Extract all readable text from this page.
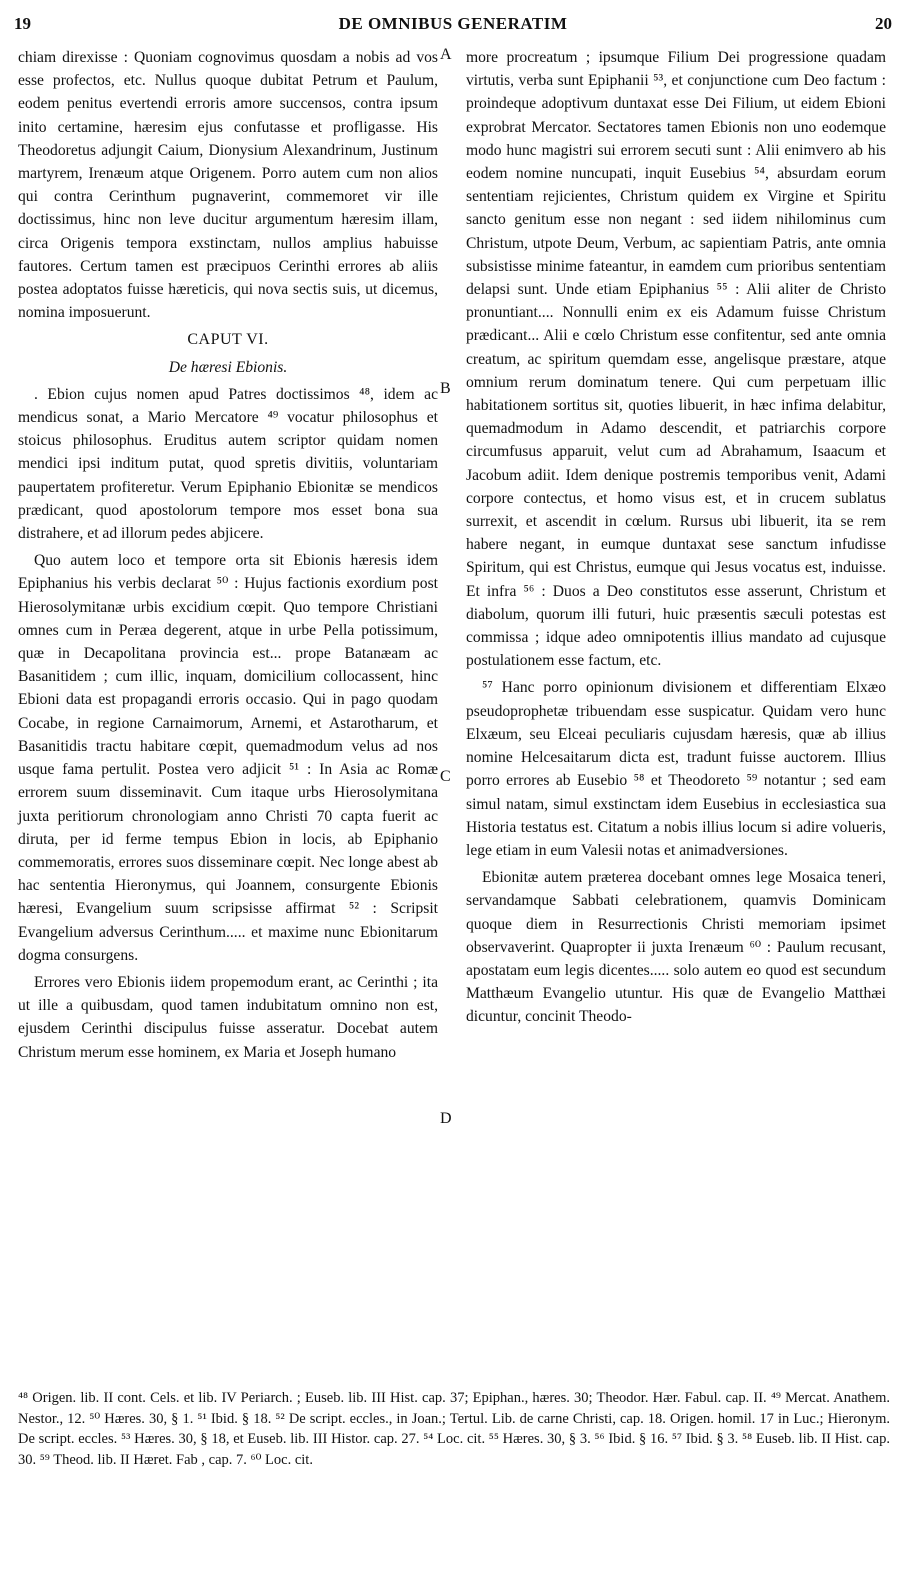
19	DE OMNIBUS GENERATIM	20
A
B
C
D

chiam direxisse : Quoniam cognovimus quosdam a nobis ad vos esse profectos, etc. Nullus quoque dubitat Petrum et Paulum, eodem penitus evertendi erroris amore succensos, contra ipsum inito certamine, hæresim ejus confutasse et profligasse. His Theodoretus adjungit Caium, Dionysium Alexandrinum, Justinum martyrem, Irenæum atque Origenem. Porro autem cum non alios qui contra Cerinthum pugnaverint, commemoret vir ille doctissimus, hinc non leve ducitur argumentum hæresim illam, circa Origenis tempora exstinctam, nullos amplius habuisse fautores. Certum tamen est præcipuos Cerinthi errores ab aliis postea adoptatos fuisse hæreticis, qui nova sectis suis, ut dicemus, nomina imposuerunt.

CAPUT VI.

De hæresi Ebionis.

. Ebion cujus nomen apud Patres doctissimos ⁴⁸, idem ac mendicus sonat, a Mario Mercatore ⁴⁹ vocatur philosophus et stoicus philosophus. Eruditus autem scriptor quidam nomen mendici ipsi inditum putat, quod spretis divitiis, voluntariam paupertatem profiteretur. Verum Epiphanio Ebionitæ se mendicos prædicant, quod apostolorum tempore mos esset bona sua distrahere, et ad illorum pedes abjicere.

Quo autem loco et tempore orta sit Ebionis hæresis idem Epiphanius his verbis declarat ⁵⁰ : Hujus factionis exordium post Hierosolymitanæ urbis excidium cœpit. Quo tempore Christiani omnes cum in Peræa degerent, atque in urbe Pella potissimum, quæ in Decapolitana provincia est... prope Batanæam ac Basanitidem ; cum illic, inquam, domicilium collocassent, hinc Ebioni data est propagandi erroris occasio. Qui in pago quodam Cocabe, in regione Carnaimorum, Arnemi, et Astarotharum, et Basanitidis tractu habitare cœpit, quemadmodum velus ad nos usque fama pertulit. Postea vero adjicit ⁵¹ : In Asia ac Romæ errorem suum disseminavit. Cum itaque urbs Hierosolymitana juxta peritiorum chronologiam anno Christi 70 capta fuerit ac diruta, per id ferme tempus Ebion in locis, ab Epiphanio commemoratis, errores suos disseminare cœpit. Nec longe abest ab hac sententia Hieronymus, qui Joannem, consurgente Ebionis hæresi, Evangelium suum scripsisse affirmat ⁵² : Scripsit Evangelium adversus Cerinthum..... et maxime nunc Ebionitarum dogma consurgens.

Errores vero Ebionis iidem propemodum erant, ac Cerinthi ; ita ut ille a quibusdam, quod tamen indubitatum omnino non est, ejusdem Cerinthi discipulus fuisse asseratur. Docebat autem Christum merum esse hominem, ex Maria et Joseph humano

more procreatum ; ipsumque Filium Dei progressione quadam virtutis, verba sunt Epiphanii ⁵³, et conjunctione cum Deo factum : proindeque adoptivum duntaxat esse Dei Filium, ut eidem Ebioni exprobrat Mercator. Sectatores tamen Ebionis non uno eodemque modo hunc magistri sui errorem secuti sunt : Alii enimvero ab his eodem nomine nuncupati, inquit Eusebius ⁵⁴, absurdam eorum sententiam rejicientes, Christum quidem ex Virgine et Spiritu sancto genitum esse non negant : sed iidem nihilominus cum Christum, utpote Deum, Verbum, ac sapientiam Patris, ante omnia subsistisse minime fateantur, in eamdem cum prioribus sententiam delapsi sunt. Unde etiam Epiphanius ⁵⁵ : Alii aliter de Christo pronuntiant.... Nonnulli enim ex eis Adamum fuisse Christum prædicant... Alii e cœlo Christum esse confitentur, sed ante omnia creatum, ac spiritum quemdam esse, angelisque præstare, atque omnium rerum dominatum tenere. Qui cum perpetuam illic habitationem sortitus sit, quoties libuerit, in hæc infima delabitur, quemadmodum in Adamo descendit, et patriarchis corpore circumfusus apparuit, velut cum ad Abrahamum, Isaacum et Jacobum adiit. Idem denique postremis temporibus venit, Adami corpore contectus, et homo visus est, et in crucem sublatus surrexit, et ascendit in cœlum. Rursus ubi libuerit, ita se rem habere negant, in eumque duntaxat sese sanctum infudisse Spiritum, qui est Christus, eumque qui Jesus vocatus est, induisse. Et infra ⁵⁶ : Duos a Deo constitutos esse asserunt, Christum et diabolum, quorum illi futuri, huic præsentis sæculi potestas est commissa ; idque adeo omnipotentis illius mandato ad cujusque postulationem esse factum, etc.

⁵⁷ Hanc porro opinionum divisionem et differentiam Elxæo pseudoprophetæ tribuendam esse suspicatur. Quidam vero hunc Elxæum, seu Elceai peculiaris cujusdam hæresis, quæ ab illius nomine Helcesaitarum dicta est, tradunt fuisse auctorem. Illius porro errores ab Eusebio ⁵⁸ et Theodoreto ⁵⁹ notantur ; sed eam simul natam, simul exstinctam idem Eusebius in ecclesiastica sua Historia testatus est. Citatum a nobis illius locum si adire volueris, lege etiam in eum Valesii notas et animadversiones.

Ebionitæ autem præterea docebant omnes lege Mosaica teneri, servandamque Sabbati celebrationem, quamvis Dominicam quoque diem in Resurrectionis Christi memoriam ipsimet observaverint. Quapropter ii juxta Irenæum ⁶⁰ : Paulum recusant, apostatam eum legis dicentes..... solo autem eo quod est secundum Matthæum Evangelio utuntur. His quæ de Evangelio Matthæi dicuntur, concinit Theodo-

⁴⁸ Origen. lib. II cont. Cels. et lib. IV Periarch. ; Euseb. lib. III Hist. cap. 37; Epiphan., hæres. 30; Theodor. Hær. Fabul. cap. II. ⁴⁹ Mercat. Anathem. Nestor., 12. ⁵⁰ Hæres. 30, § 1. ⁵¹ Ibid. § 18. ⁵² De script. eccles., in Joan.; Tertul. Lib. de carne Christi, cap. 18. Origen. homil. 17 in Luc.; Hieronym. De script. eccles. ⁵³ Hæres. 30, § 18, et Euseb. lib. III Histor. cap. 27. ⁵⁴ Loc. cit. ⁵⁵ Hæres. 30, § 3. ⁵⁶ Ibid. § 16. ⁵⁷ Ibid. § 3. ⁵⁸ Euseb. lib. II Hist. cap. 30. ⁵⁹ Theod. lib. II Hæret. Fab , cap. 7. ⁶⁰ Loc. cit.
